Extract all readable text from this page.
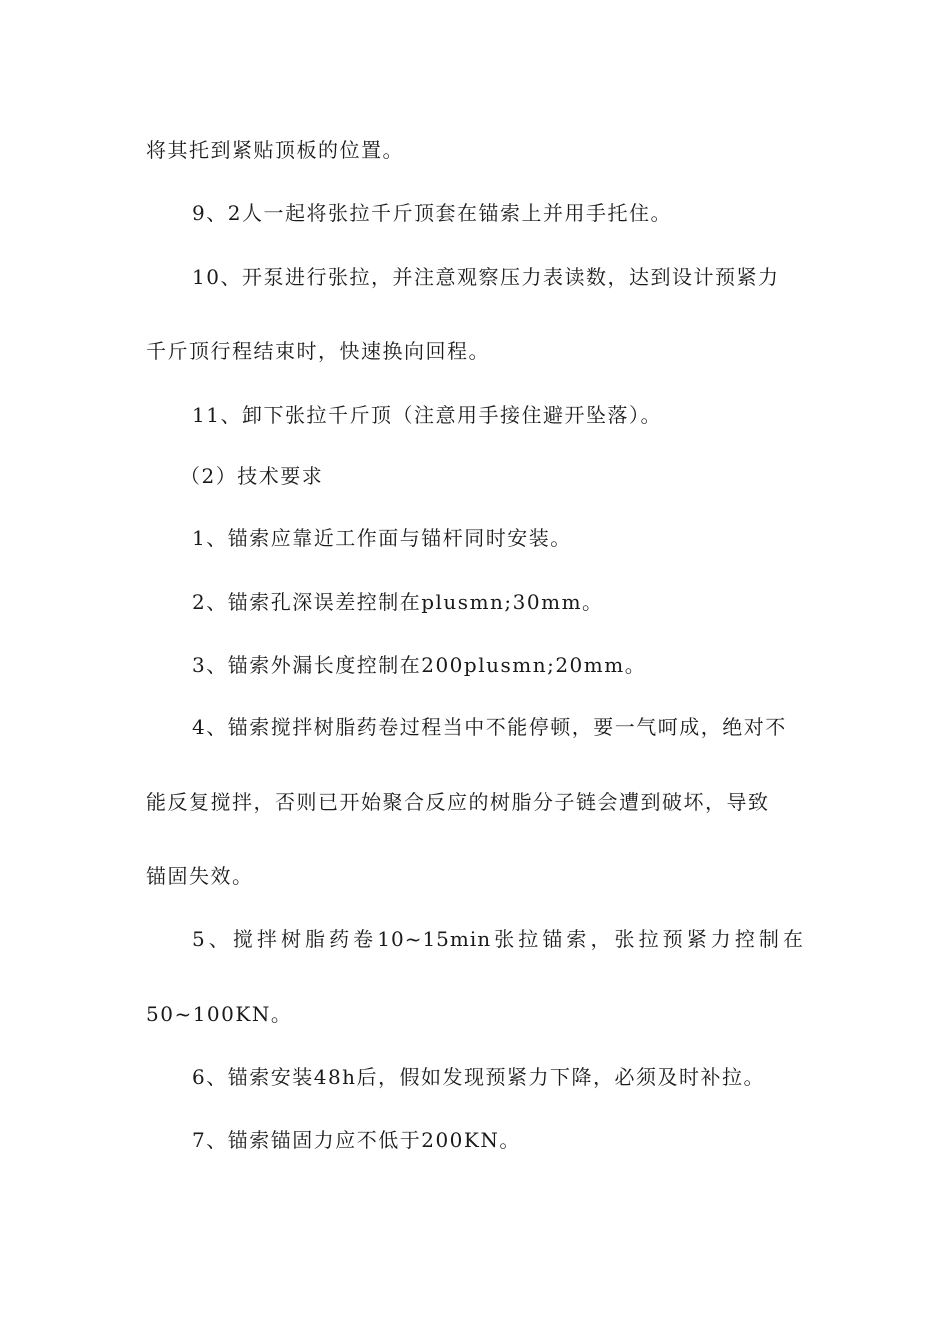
将其托到紧贴顶板的位置。
9、2人一起将张拉千斤顶套在锚索上并用手托住。
10、开泵进行张拉，并注意观察压力表读数，达到设计预紧力
千斤顶行程结束时，快速换向回程。
11、卸下张拉千斤顶（注意用手接住避开坠落）。
（2）技术要求
1、锚索应靠近工作面与锚杆同时安装。
2、锚索孔深误差控制在plusmn;30mm。
3、锚索外漏长度控制在200plusmn;20mm。
4、锚索搅拌树脂药卷过程当中不能停顿，要一气呵成，绝对不
能反复搅拌，否则已开始聚合反应的树脂分子链会遭到破坏，导致
锚固失效。
5、搅拌树脂药卷10~15min张拉锚索，张拉预紧力控制在
50~100KN。
6、锚索安装48h后，假如发现预紧力下降，必须及时补拉。
7、锚索锚固力应不低于200KN。
